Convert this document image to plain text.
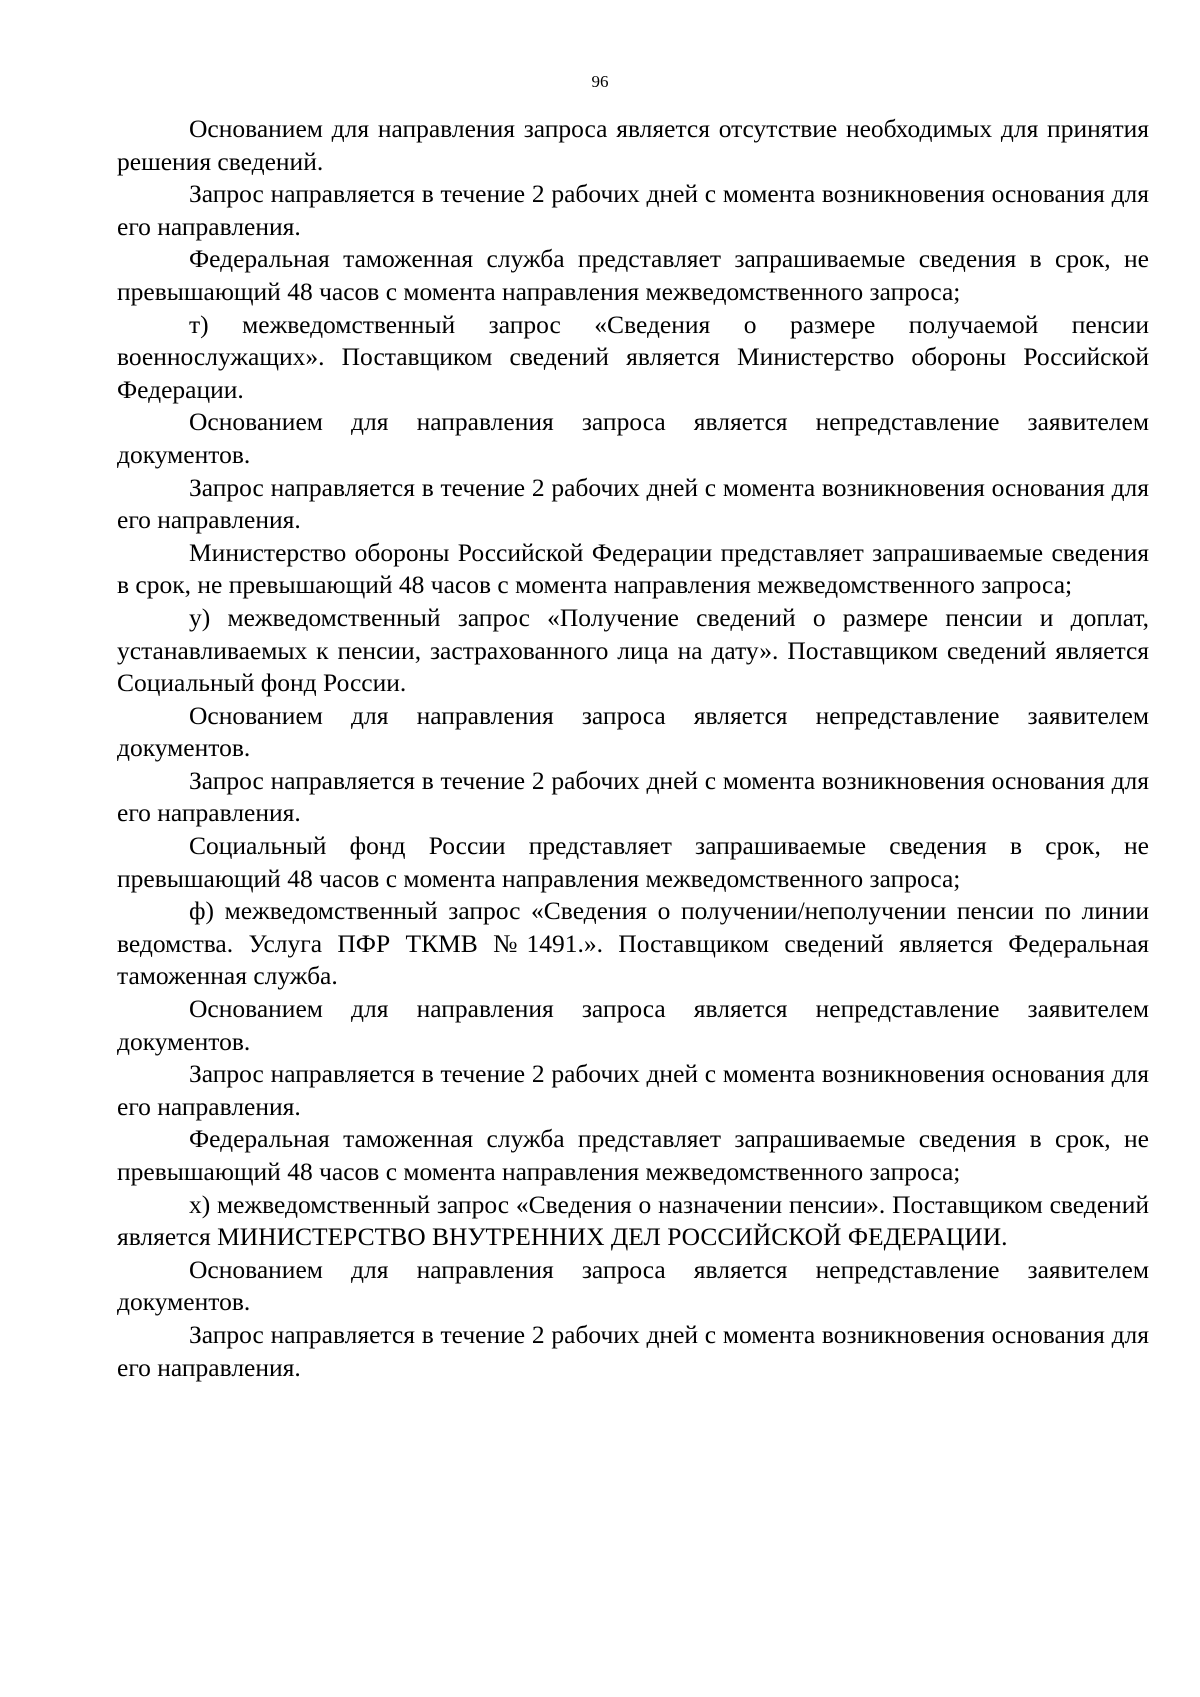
96

Основанием для направления запроса является отсутствие необходимых для принятия решения сведений.

Запрос направляется в течение 2 рабочих дней с момента возникновения основания для его направления.

Федеральная таможенная служба представляет запрашиваемые сведения в срок, не превышающий 48 часов с момента направления межведомственного запроса;

т) межведомственный запрос «Сведения о размере получаемой пенсии военнослужащих». Поставщиком сведений является Министерство обороны Российской Федерации.

Основанием для направления запроса является непредставление заявителем документов.

Запрос направляется в течение 2 рабочих дней с момента возникновения основания для его направления.

Министерство обороны Российской Федерации представляет запрашиваемые сведения в срок, не превышающий 48 часов с момента направления межведомственного запроса;

у) межведомственный запрос «Получение сведений о размере пенсии и доплат, устанавливаемых к пенсии, застрахованного лица на дату». Поставщиком сведений является Социальный фонд России.

Основанием для направления запроса является непредставление заявителем документов.

Запрос направляется в течение 2 рабочих дней с момента возникновения основания для его направления.

Социальный фонд России представляет запрашиваемые сведения в срок, не превышающий 48 часов с момента направления межведомственного запроса;

ф) межведомственный запрос «Сведения о получении/неполучении пенсии по линии ведомства. Услуга ПФР ТКМВ №1491.». Поставщиком сведений является Федеральная таможенная служба.

Основанием для направления запроса является непредставление заявителем документов.

Запрос направляется в течение 2 рабочих дней с момента возникновения основания для его направления.

Федеральная таможенная служба представляет запрашиваемые сведения в срок, не превышающий 48 часов с момента направления межведомственного запроса;

х) межведомственный запрос «Сведения о назначении пенсии». Поставщиком сведений является МИНИСТЕРСТВО ВНУТРЕННИХ ДЕЛ РОССИЙСКОЙ ФЕДЕРАЦИИ.

Основанием для направления запроса является непредставление заявителем документов.

Запрос направляется в течение 2 рабочих дней с момента возникновения основания для его направления.
